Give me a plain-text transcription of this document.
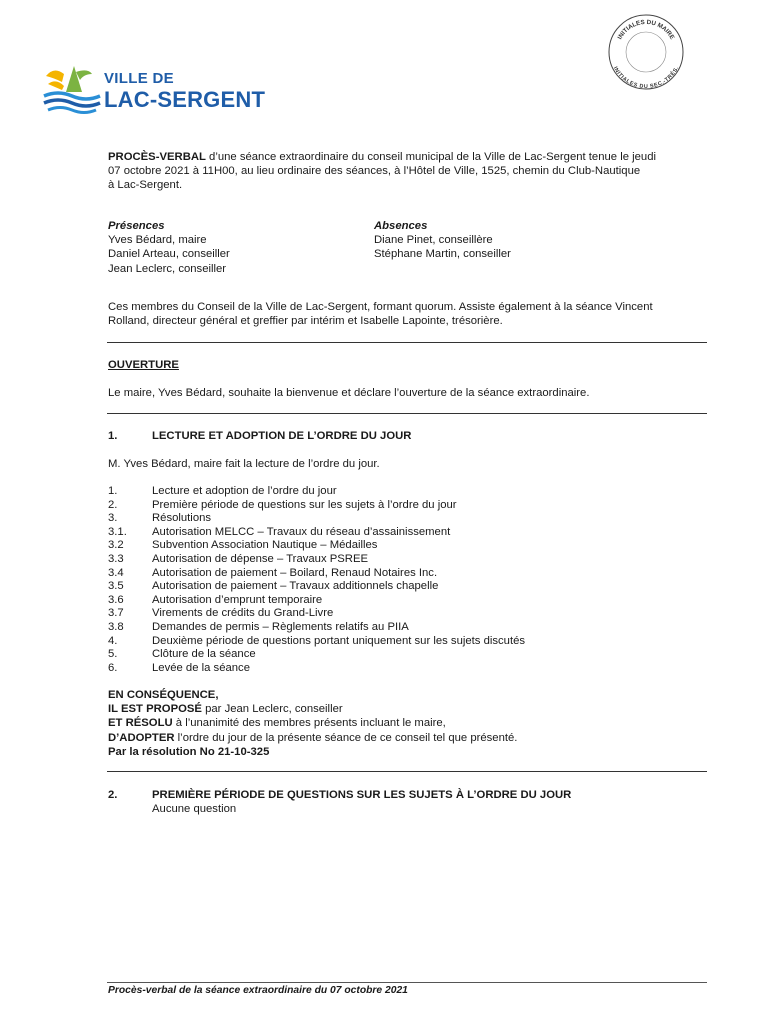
VILLE DE
LAC-SERGENT
INITIALES DU MAIRE
INITIALES DU SEC.-TRÉS.
PROCÈS-VERBAL d’une séance extraordinaire du conseil municipal de la Ville de Lac-Sergent tenue le jeudi
07 octobre 2021 à 11H00, au lieu ordinaire des séances, à l’Hôtel de Ville, 1525, chemin du Club-Nautique
à Lac-Sergent.
Présences
Yves Bédard, maire
Daniel Arteau, conseiller
Jean Leclerc, conseiller
Absences
Diane Pinet, conseillère
Stéphane Martin, conseiller
Ces membres du Conseil de la Ville de Lac-Sergent, formant quorum. Assiste également à la séance Vincent
Rolland, directeur général et greffier par intérim et Isabelle Lapointe, trésorière.
OUVERTURE
Le maire, Yves Bédard, souhaite la bienvenue et déclare l’ouverture de la séance extraordinaire.
1.	LECTURE ET ADOPTION DE L’ORDRE DU JOUR
M. Yves Bédard, maire fait la lecture de l’ordre du jour.
1.	Lecture et adoption de l’ordre du jour
2.	Première période de questions sur les sujets à l’ordre du jour
3.	Résolutions
3.1.	Autorisation MELCC – Travaux du réseau d’assainissement
3.2	Subvention Association Nautique – Médailles
3.3	Autorisation de dépense – Travaux PSREE
3.4	Autorisation de paiement – Boilard, Renaud Notaires Inc.
3.5	Autorisation de paiement – Travaux additionnels chapelle
3.6	Autorisation d’emprunt temporaire
3.7	Virements de crédits du Grand-Livre
3.8	Demandes de permis – Règlements relatifs au PIIA
4.	Deuxième période de questions portant uniquement sur les sujets discutés
5.	Clôture de la séance
6.	Levée de la séance
EN CONSÉQUENCE,
IL EST PROPOSÉ par Jean Leclerc, conseiller
ET RÉSOLU à l’unanimité des membres présents incluant le maire,
D’ADOPTER l’ordre du jour de la présente séance de ce conseil tel que présenté.
Par la résolution No 21-10-325
2.	PREMIÈRE PÉRIODE DE QUESTIONS SUR LES SUJETS À L’ORDRE DU JOUR
Aucune question
Procès-verbal de la séance extraordinaire du 07 octobre 2021
